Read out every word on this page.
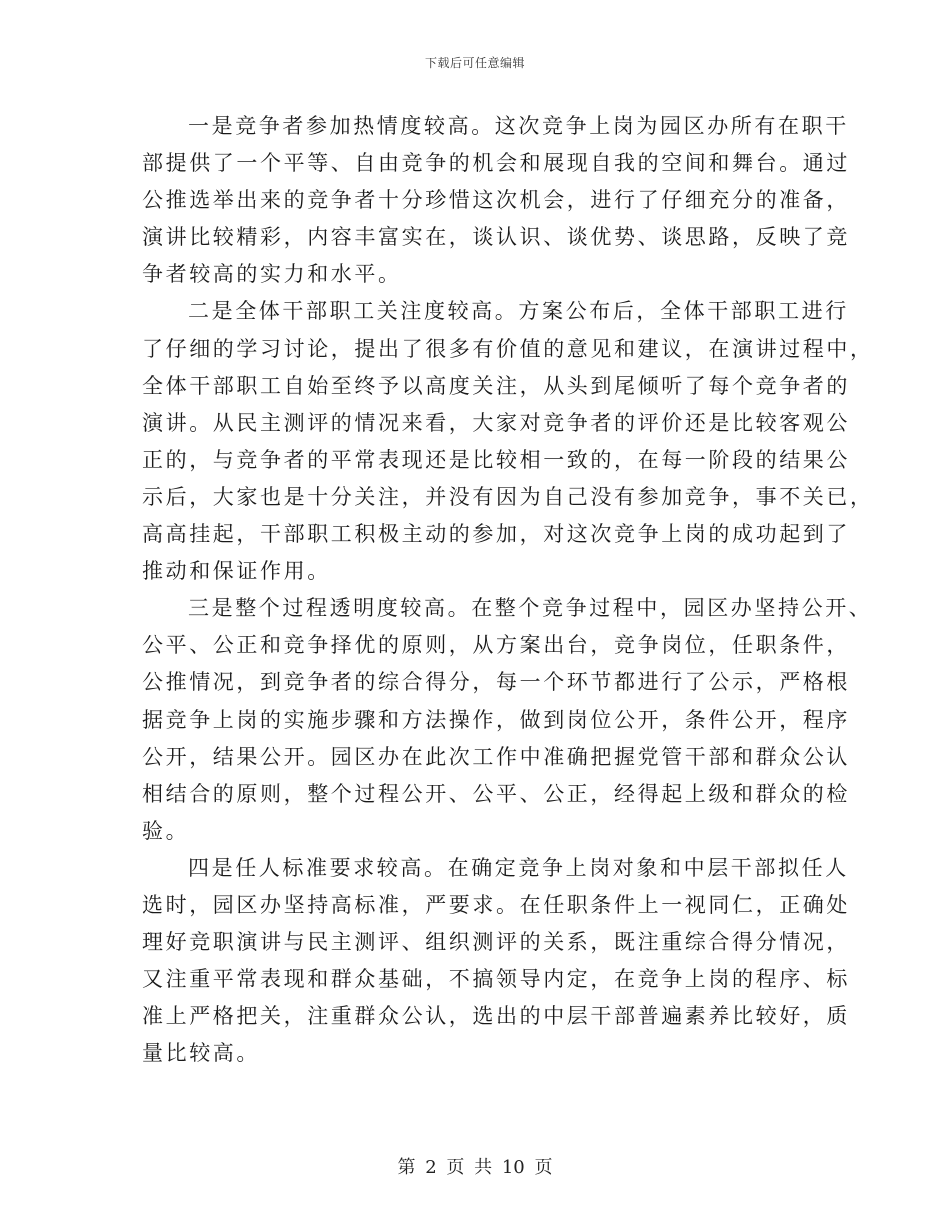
下载后可任意编辑
一是竞争者参加热情度较高。这次竞争上岗为园区办所有在职干
部提供了一个平等、自由竞争的机会和展现自我的空间和舞台。通过
公推选举出来的竞争者十分珍惜这次机会，进行了仔细充分的准备，
演讲比较精彩，内容丰富实在，谈认识、谈优势、谈思路，反映了竞
争者较高的实力和水平。
二是全体干部职工关注度较高。方案公布后，全体干部职工进行
了仔细的学习讨论，提出了很多有价值的意见和建议，在演讲过程中，
全体干部职工自始至终予以高度关注，从头到尾倾听了每个竞争者的
演讲。从民主测评的情况来看，大家对竞争者的评价还是比较客观公
正的，与竞争者的平常表现还是比较相一致的，在每一阶段的结果公
示后，大家也是十分关注，并没有因为自己没有参加竞争，事不关已，
高高挂起，干部职工积极主动的参加，对这次竞争上岗的成功起到了
推动和保证作用。
三是整个过程透明度较高。在整个竞争过程中，园区办坚持公开、
公平、公正和竞争择优的原则，从方案出台，竞争岗位，任职条件，
公推情况，到竞争者的综合得分，每一个环节都进行了公示，严格根
据竞争上岗的实施步骤和方法操作，做到岗位公开，条件公开，程序
公开，结果公开。园区办在此次工作中准确把握党管干部和群众公认
相结合的原则，整个过程公开、公平、公正，经得起上级和群众的检
验。
四是任人标准要求较高。在确定竞争上岗对象和中层干部拟任人
选时，园区办坚持高标准，严要求。在任职条件上一视同仁，正确处
理好竞职演讲与民主测评、组织测评的关系，既注重综合得分情况，
又注重平常表现和群众基础，不搞领导内定，在竞争上岗的程序、标
准上严格把关，注重群众公认，选出的中层干部普遍素养比较好，质
量比较高。
第 2 页 共 10 页
